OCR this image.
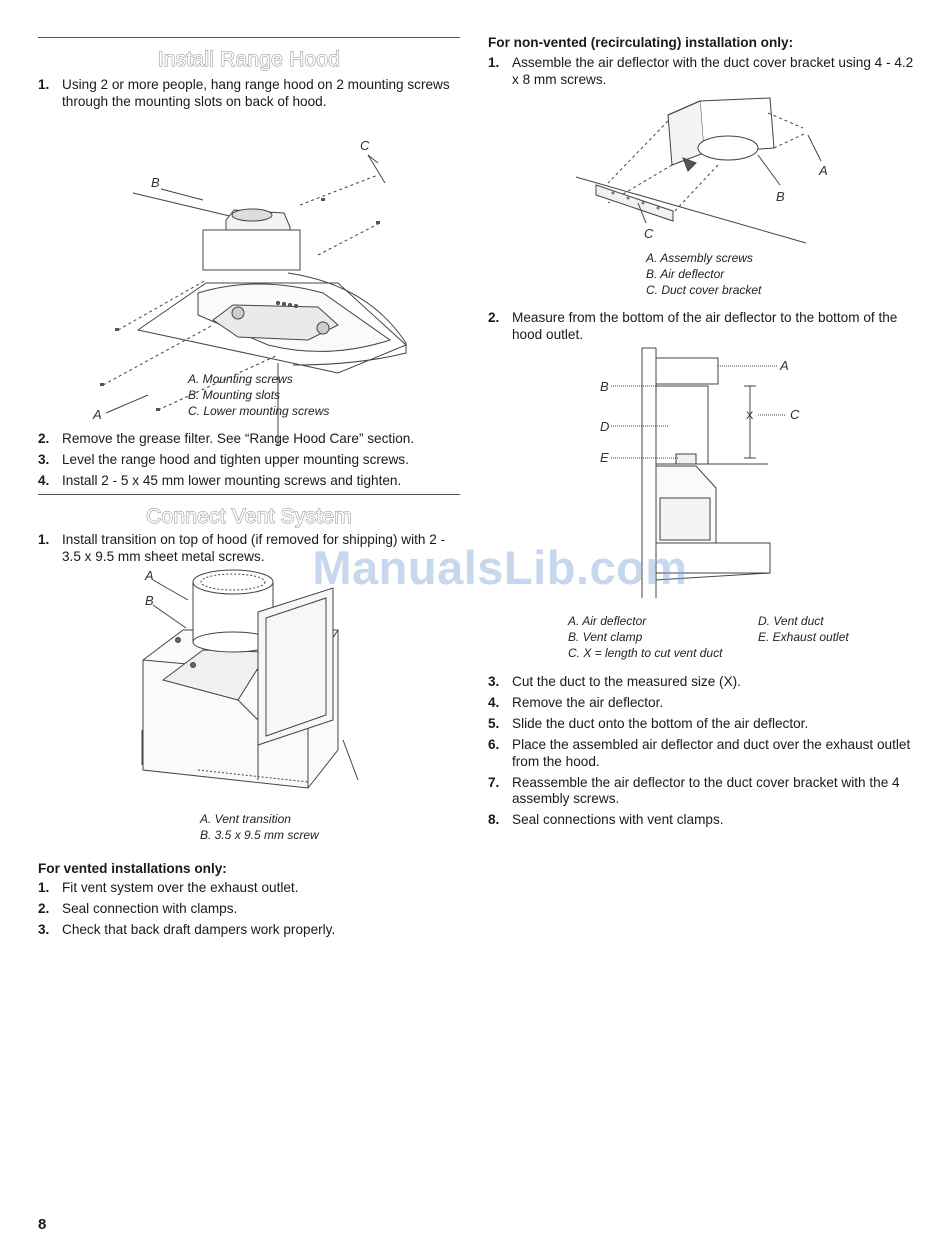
Install Range Hood
1. Using 2 or more people, hang range hood on 2 mounting screws through the mounting slots on back of hood.
B
A
C
A. Mounting screws
B. Mounting slots
C. Lower mounting screws
2. Remove the grease filter. See “Range Hood Care” section.
3. Level the range hood and tighten upper mounting screws.
4. Install 2 - 5 x 45 mm lower mounting screws and tighten.
Connect Vent System
1. Install transition on top of hood (if removed for shipping) with 2 - 3.5 x 9.5 mm sheet metal screws.
A
B
A. Vent transition
B. 3.5 x 9.5 mm screw
For vented installations only:
1. Fit vent system over the exhaust outlet.
2. Seal connection with clamps.
3. Check that back draft dampers work properly.
For non-vented (recirculating) installation only:
1. Assemble the air deflector with the duct cover bracket using 4 - 4.2 x 8 mm screws.
A
B
C
A. Assembly screws
B. Air deflector
C. Duct cover bracket
2. Measure from the bottom of the air deflector to the bottom of the hood outlet.
A
B
C
D
E
X
A. Air deflector
B. Vent clamp
C. X = length to cut vent duct
D. Vent duct
E. Exhaust outlet
3. Cut the duct to the measured size (X).
4. Remove the air deflector.
5. Slide the duct onto the bottom of the air deflector.
6. Place the assembled air deflector and duct over the exhaust outlet from the hood.
7. Reassemble the air deflector to the duct cover bracket with the 4 assembly screws.
8. Seal connections with vent clamps.
ManualsLib.com
8
